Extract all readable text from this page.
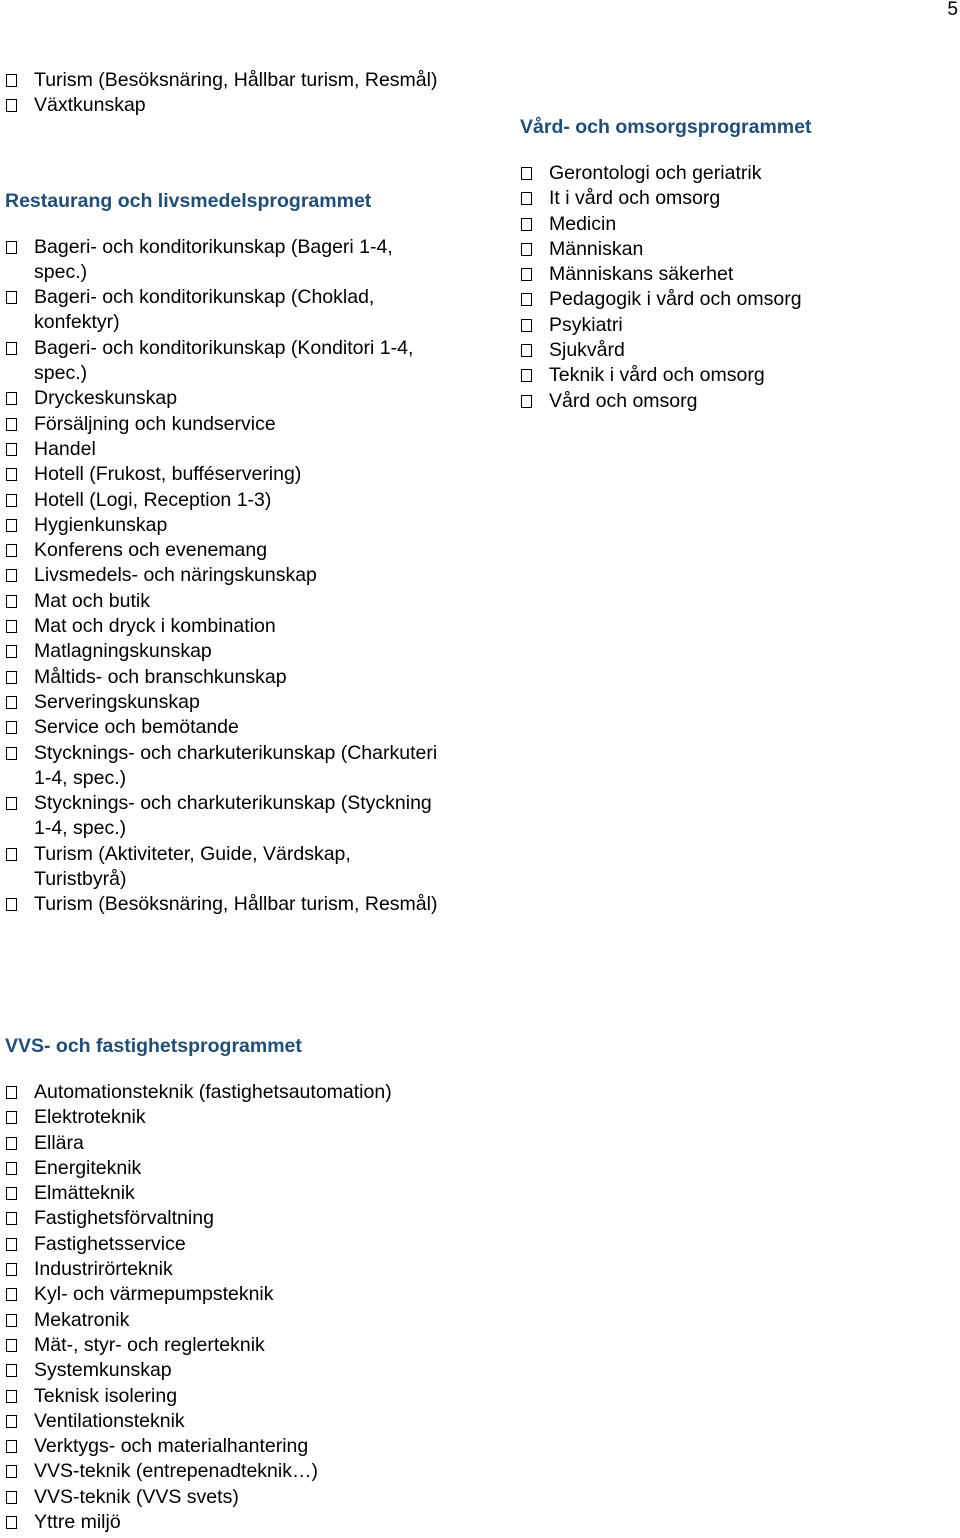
5
Turism (Besöksnäring, Hållbar turism, Resmål)
Växtkunskap
Restaurang och livsmedelsprogrammet
Bageri- och konditorikunskap (Bageri 1-4, spec.)
Bageri- och konditorikunskap (Choklad, konfektyr)
Bageri- och konditorikunskap (Konditori 1-4, spec.)
Dryckeskunskap
Försäljning och kundservice
Handel
Hotell (Frukost, bufféservering)
Hotell (Logi, Reception 1-3)
Hygienkunskap
Konferens och evenemang
Livsmedels- och näringskunskap
Mat och butik
Mat och dryck i kombination
Matlagningskunskap
Måltids- och branschkunskap
Serveringskunskap
Service och bemötande
Stycknings- och charkuterikunskap (Charkuteri 1-4, spec.)
Stycknings- och charkuterikunskap (Styckning 1-4, spec.)
Turism (Aktiviteter, Guide, Värdskap, Turistbyrå)
Turism (Besöksnäring, Hållbar turism, Resmål)
Vård- och omsorgsprogrammet
Gerontologi och geriatrik
It i vård och omsorg
Medicin
Människan
Människans säkerhet
Pedagogik i vård och omsorg
Psykiatri
Sjukvård
Teknik i vård och omsorg
Vård och omsorg
VVS- och fastighetsprogrammet
Automationsteknik (fastighetsautomation)
Elektroteknik
Ellära
Energiteknik
Elmätteknik
Fastighetsförvaltning
Fastighetsservice
Industrirörteknik
Kyl- och värmepumpsteknik
Mekatronik
Mät-, styr- och reglerteknik
Systemkunskap
Teknisk isolering
Ventilationsteknik
Verktygs- och materialhantering
VVS-teknik (entrepenadteknik…)
VVS-teknik (VVS svets)
Yttre miljö
